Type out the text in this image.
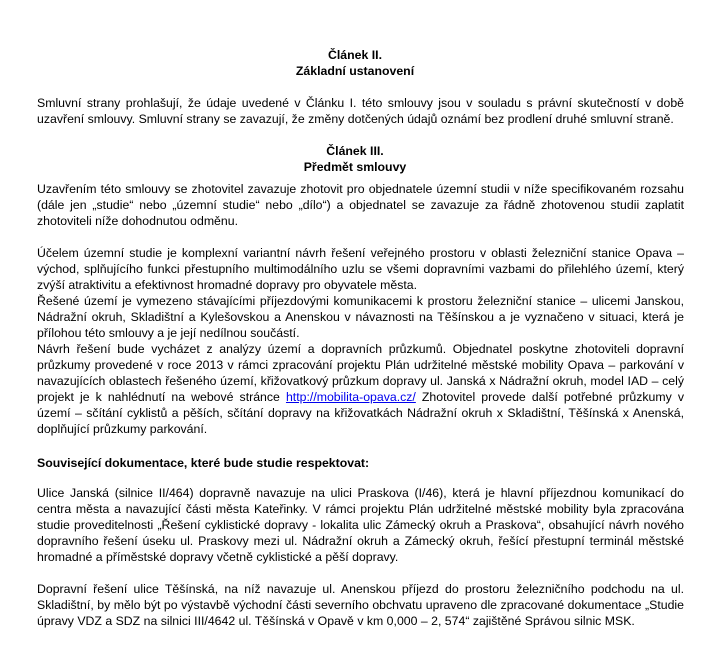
Článek II.
Základní ustanovení
Smluvní strany prohlašují, že údaje uvedené v Článku I. této smlouvy jsou v souladu s právní skutečností v době uzavření smlouvy. Smluvní strany se zavazují, že změny dotčených údajů oznámí bez prodlení druhé smluvní straně.
Článek III.
Předmět smlouvy
Uzavřením této smlouvy se zhotovitel zavazuje zhotovit pro objednatele územní studii v níže specifikovaném rozsahu (dále jen „studie“ nebo „územní studie“ nebo „dílo“) a objednatel se zavazuje za řádně zhotovenou studii zaplatit zhotoviteli níže dohodnutou odměnu.
Účelem územní studie je komplexní variantní návrh řešení veřejného prostoru v oblasti železniční stanice Opava – východ, splňujícího funkci přestupního multimodálního uzlu se všemi dopravními vazbami do přilehlého území, který zvýší atraktivitu a efektivnost hromadné dopravy pro obyvatele města.
Řešené území je vymezeno stávajícími příjezdovými komunikacemi k prostoru železniční stanice – ulicemi Janskou, Nádražní okruh, Skladištní a Kylešovskou a Anenskou v návaznosti na Těšínskou a je vyznačeno v situaci, která je přílohou této smlouvy a je její nedílnou součástí.
Návrh řešení bude vycházet z analýzy území a dopravních průzkumů. Objednatel poskytne zhotoviteli dopravní průzkumy provedené v roce 2013 v rámci zpracování projektu Plán udržitelné městské mobility Opava – parkování v navazujících oblastech řešeného území, křižovatkový průzkum dopravy ul. Janská x Nádražní okruh, model IAD – celý projekt je k nahlédnutí na webové stránce http://mobilita-opava.cz/ Zhotovitel provede další potřebné průzkumy v území – sčítání cyklistů a pěších, sčítání dopravy na křižovatkách Nádražní okruh x Skladištní, Těšínská x Anenská, doplňující průzkumy parkování.
Související dokumentace, které bude studie respektovat:
Ulice Janská (silnice II/464) dopravně navazuje na ulici Praskova (I/46), která je hlavní příjezdnou komunikací do centra města a navazující části města Kateřinky. V rámci projektu Plán udržitelné městské mobility byla zpracována studie proveditelnosti „Řešení cyklistické dopravy - lokalita ulic Zámecký okruh a Praskova“, obsahující návrh nového dopravního řešení úseku ul. Praskovy mezi ul. Nádražní okruh a Zámecký okruh, řešící přestupní terminál městské hromadné a příměstské dopravy včetně cyklistické a pěší dopravy.
Dopravní řešení ulice Těšínská, na níž navazuje ul. Anenskou příjezd do prostoru železničního podchodu na ul. Skladištní, by mělo být po výstavbě východní části severního obchvatu upraveno dle zpracované dokumentace „Studie úpravy VDZ a SDZ na silnici III/4642 ul. Těšínská v Opavě v km 0,000 – 2, 574“ zajištěné Správou silnic MSK.
